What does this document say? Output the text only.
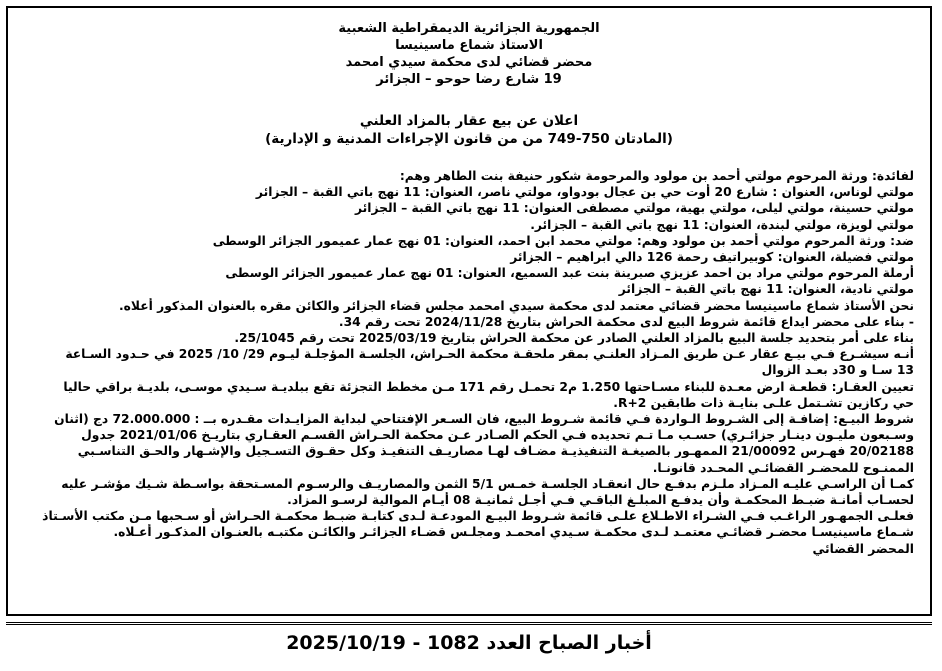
الجمهورية الجزائرية الديمقراطية الشعبية
الاستاذ شماع ماسينيسا
محضر قضائي لدى محكمة سيدي امحمد
19 شارع رضا حوحو – الجزائر
اعلان عن بيع عقار بالمزاد العلني
(المادتان 750-749 من من قانون الإجراءات المدنية و الإدارية)
لفائدة: ورثة المرحوم مولتي أحمد بن مولود والمرحومة شكور حنيفة بنت الطاهر وهم:
مولتي لوناس، العنوان : شارع 20 أوت حي بن عجال بودواو، مولتي ناصر، العنوان: 11 نهج باتي القبة – الجزائر
مولتي حسينة، مولتي ليلى، مولتي بهية، مولتي مصطفى العنوان: 11 نهج باتي القبة – الجزائر
مولتي لويزة، مولتي لبندة، العنوان: 11 نهج باتي القبة – الجزائر.
ضد: ورثة المرحوم مولتي أحمد بن مولود وهم: مولتي محمد ابن احمد، العنوان: 01 نهج عمار عميمور الجزائر الوسطى
مولتي فضيلة، العنوان: كوبيراتيف رحمة 126 دالي ابراهيم – الجزائر
أرملة المرحوم مولتي مراد بن احمد عزيزي صبرينة بنت عبد السميع، العنوان: 01 نهج عمار عميمور الجزائر الوسطى
مولتي نادية، العنوان: 11 نهج باتي القبة – الجزائر
نحن الأستاذ شماع ماسينيسا محضر قضائي معتمد لدى محكمة سيدي امحمد مجلس قضاء الجزائر والكائن مقره بالعنوان المذكور أعلاه.
- بناء على محضر ايداع قائمة شروط البيع لدى محكمة الحراش بتاريخ 2024/11/28 تحت رقم 34.
بناء على أمر بتحديد جلسة البيع بالمزاد العلني الصادر عن محكمة الحراش بتاريخ 2025/03/19 تحت رقم 25/1045.
أنـه سيشـرع فـي بيـع عقار عـن طريق المـزاد العلنـي بمقر ملحقـة محكمة الحـراش، الجلسـة المؤجلـة ليـوم 29/ 10/ 2025 في حـدود السـاعة
13 سـا و 30د بعـد الزوال
تعيين العقـار: قطعـة ارض معـدة للبناء مسـاحتها 1.250 م2 تحمـل رقم 171 مـن مخطط التجزئة تقع ببلديـة سـيدي موسـى، بلديـة براقي حاليا
حي ركازين تشـتمل علـى بنايـة ذات طابقين R+2.
شروط البيـع: إضافـة إلى الشـروط الـواردة فـي قائمة شـروط البيع، فان السـعر الإفتتاحي لبداية المزايـدات مقـدره بــ : 72.000.000 دج (اثنان
وسـبعون مليـون دينـار جزائـري) حسـب مـا تـم تحديده فـي الحكم الصـادر عـن محكمة الحـراش القسـم العقـاري بتاريـخ 2021/01/06 جدول
20/02188 فهـرس 21/00092 الممهـور بالصيغـة التنفيذيـة مضـاف لهـا مصاريـف التنفيـذ وكل حقـوق التسـجيل والإشـهار والحـق التناسـبي
الممنـوح للمحضـر القضائـي المحـدد قانونـا.
كمـا أن الراسـي عليـه المـزاد ملـزم بدفـع حال انعقـاد الجلسـة خمـس 5/1 الثمن والمصاريـف والرسـوم المسـتحقة بواسـطة شـيك مؤشـر عليه
لحسـاب أمانـة ضبـط المحكمـة وأن يدفـع المبلـغ الباقـي فـي أجـل ثمانيـة 08 أيـام الموالية لرسـو المزاد.
فعلـى الجمهـور الراغـب فـي الشـراء الاطـلاع علـى قائمة شـروط البيـع المودعـة لـدى كتابـة ضبـط محكمـة الحـراش أو سـحبها مـن مكتب الأسـتاذ
شـماع ماسينيسـا محضـر قضائـي معتمـد لـدى محكمـة سـيدي امحمـد ومجلـس قضـاء الجزائـر والكائـن مكتبـه بالعنـوان المذكـور أعـلاه.
المحضر القضائي
أخبار الصباح العدد 1082 - 2025/10/19
